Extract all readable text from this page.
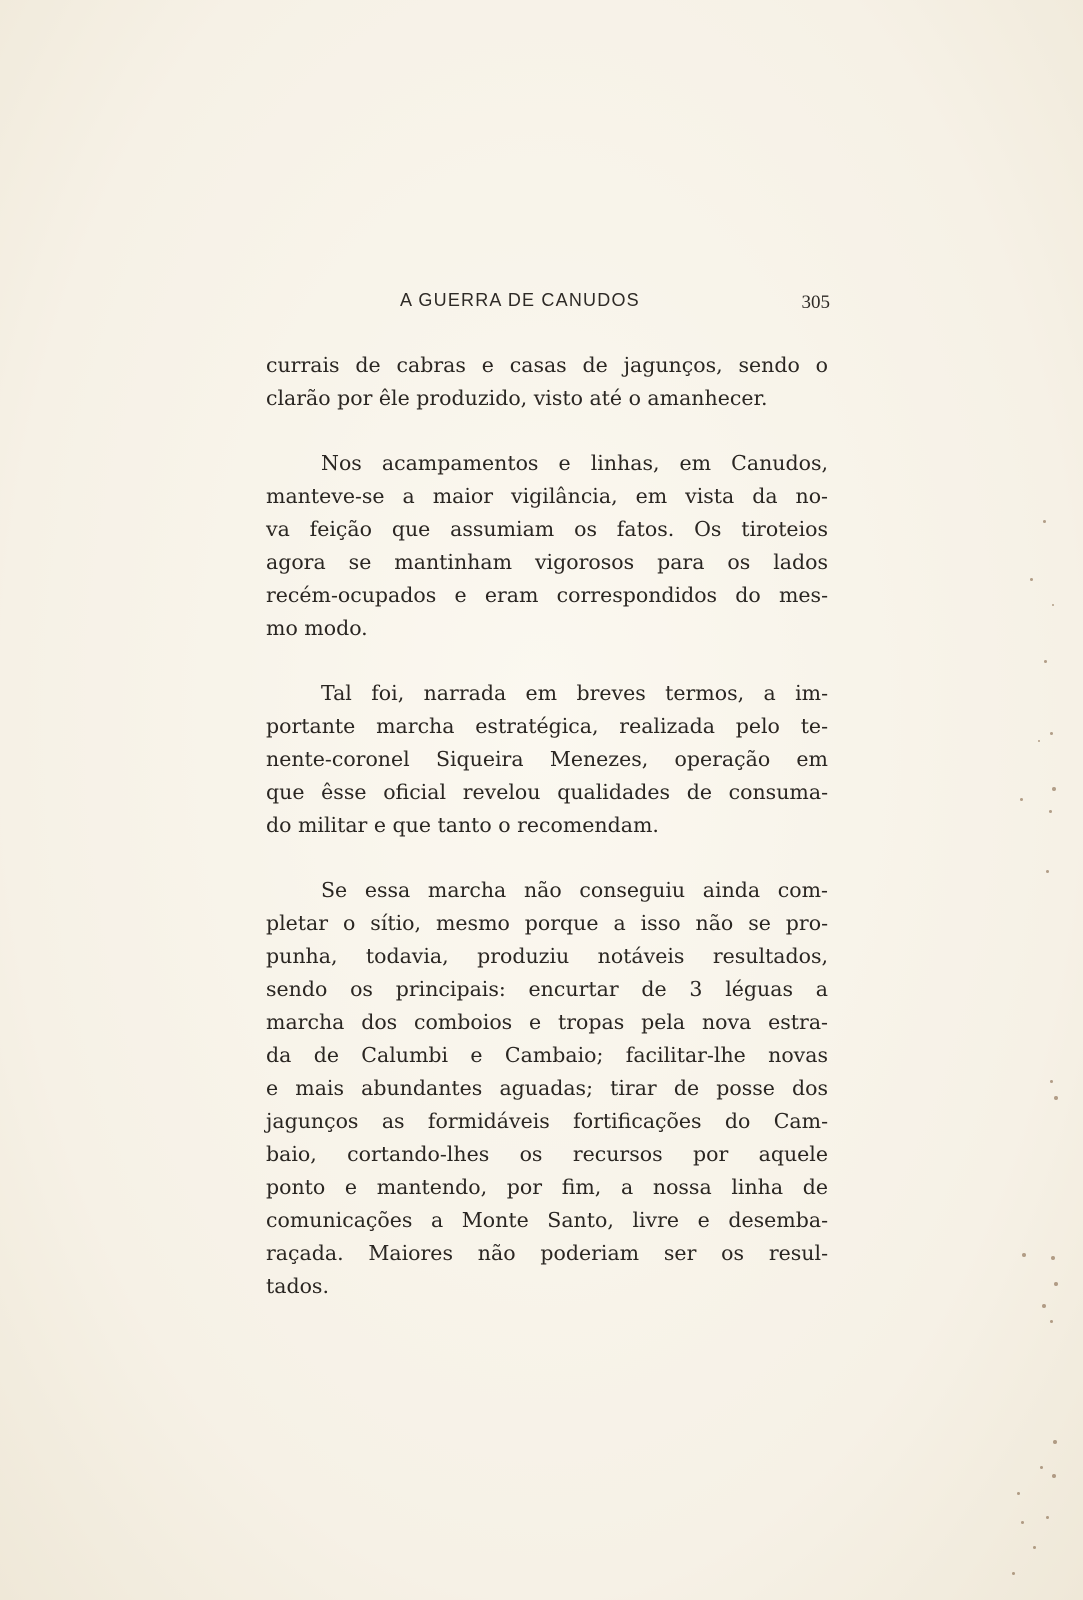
A GUERRA DE CANUDOS	305
currais de cabras e casas de jagunços, sendo o
clarão por êle produzido, visto até o amanhecer.
Nos acampamentos e linhas, em Canudos,
manteve-se a maior vigilância, em vista da no-
va feição que assumiam os fatos. Os tiroteios
agora se mantinham vigorosos para os lados
recém-ocupados e eram correspondidos do mes-
mo modo.
Tal foi, narrada em breves termos, a im-
portante marcha estratégica, realizada pelo te-
nente-coronel Siqueira Menezes, operação em
que êsse oficial revelou qualidades de consuma-
do militar e que tanto o recomendam.
Se essa marcha não conseguiu ainda com-
pletar o sítio, mesmo porque a isso não se pro-
punha, todavia, produziu notáveis resultados,
sendo os principais: encurtar de 3 léguas a
marcha dos comboios e tropas pela nova estra-
da de Calumbi e Cambaio; facilitar-lhe novas
e mais abundantes aguadas; tirar de posse dos
jagunços as formidáveis fortificações do Cam-
baio, cortando-lhes os recursos por aquele
ponto e mantendo, por fim, a nossa linha de
comunicações a Monte Santo, livre e desemba-
raçada. Maiores não poderiam ser os resul-
tados.
